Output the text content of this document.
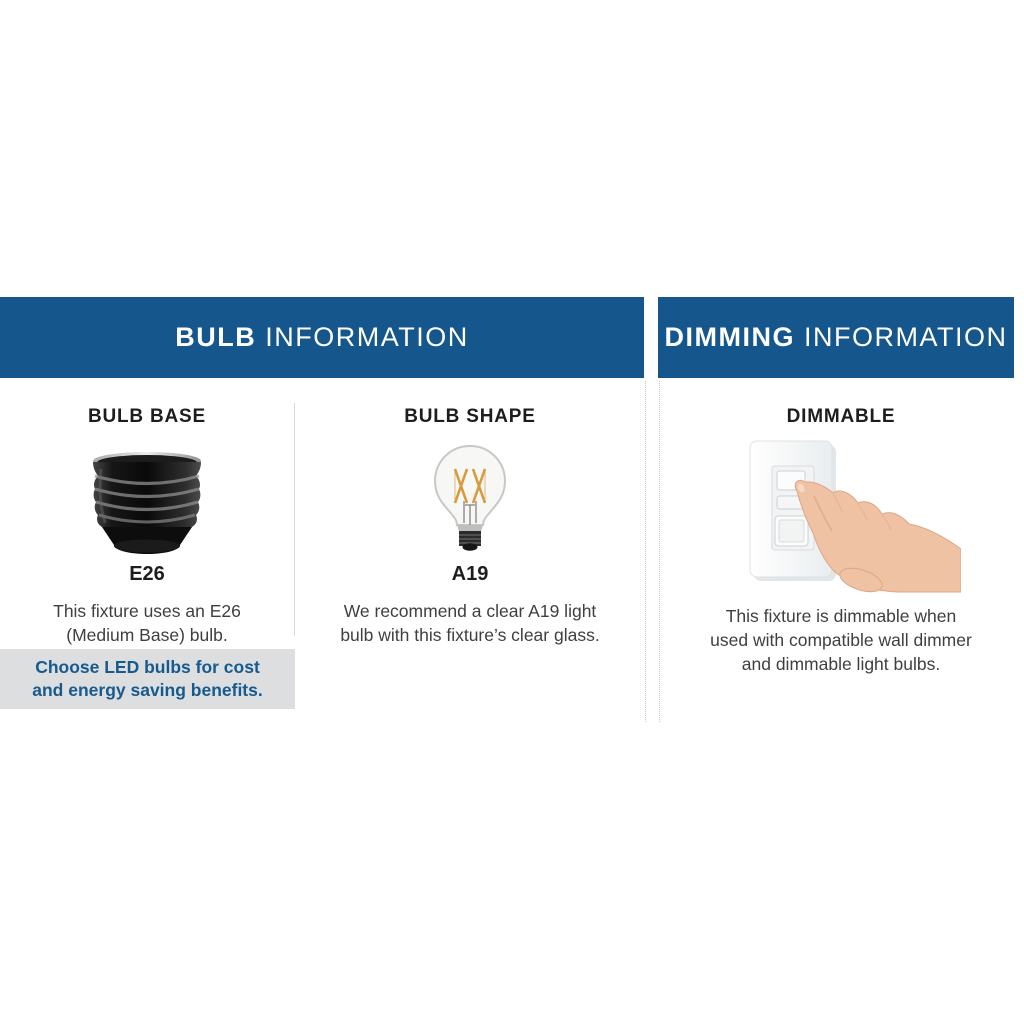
BULB INFORMATION	DIMMING INFORMATION
BULB BASE
E26
This fixture uses an E26
(Medium Base) bulb.
BULB SHAPE
A19
We recommend a clear A19 light
bulb with this fixture’s clear glass.
DIMMABLE
This fixture is dimmable when
used with compatible wall dimmer
and dimmable light bulbs.
Choose LED bulbs for cost
and energy saving benefits.
